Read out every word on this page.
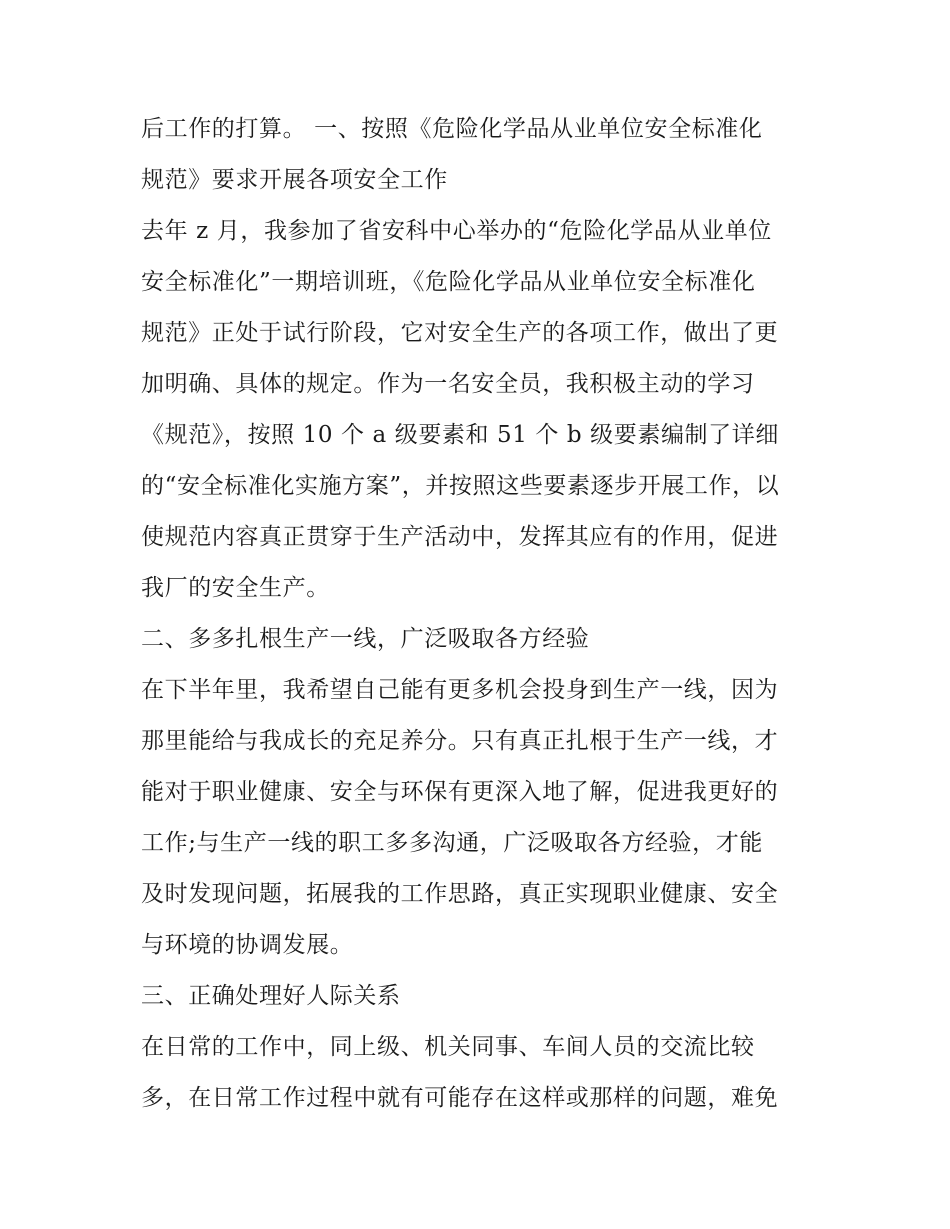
后工作的打算。 一、按照《危险化学品从业单位安全标准化
规范》要求开展各项安全工作
去年 z 月，我参加了省安科中心举办的“危险化学品从业单位
安全标准化”一期培训班，《危险化学品从业单位安全标准化
规范》正处于试行阶段，它对安全生产的各项工作，做出了更
加明确、具体的规定。作为一名安全员，我积极主动的学习
《规范》，按照 10 个 a 级要素和 51 个 b 级要素编制了详细
的“安全标准化实施方案”，并按照这些要素逐步开展工作，以
使规范内容真正贯穿于生产活动中，发挥其应有的作用，促进
我厂的安全生产。
二、多多扎根生产一线，广泛吸取各方经验
在下半年里，我希望自己能有更多机会投身到生产一线，因为
那里能给与我成长的充足养分。只有真正扎根于生产一线，才
能对于职业健康、安全与环保有更深入地了解，促进我更好的
工作;与生产一线的职工多多沟通，广泛吸取各方经验，才能
及时发现问题，拓展我的工作思路，真正实现职业健康、安全
与环境的协调发展。
三、正确处理好人际关系
在日常的工作中，同上级、机关同事、车间人员的交流比较
多，在日常工作过程中就有可能存在这样或那样的问题，难免
